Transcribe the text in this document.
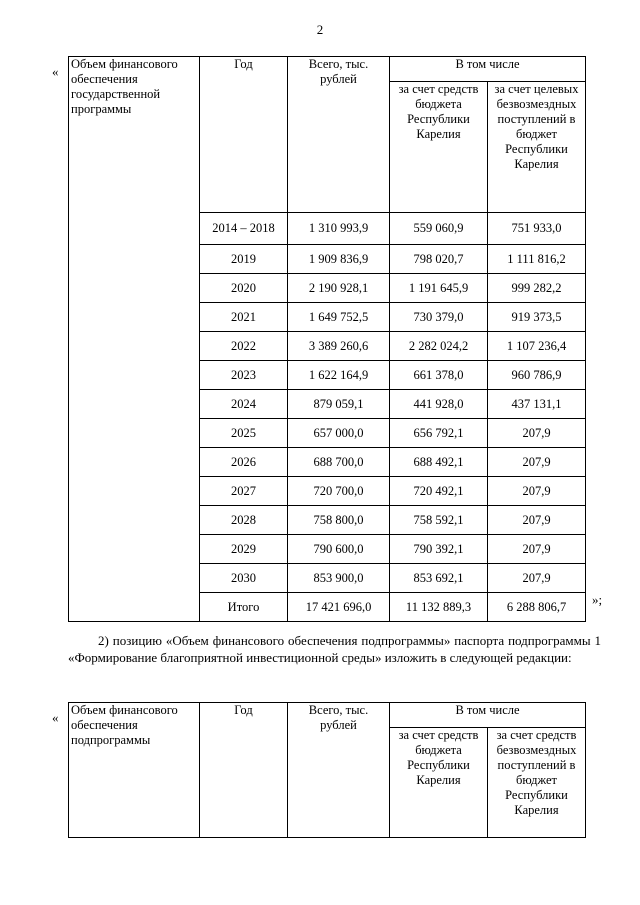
2
« Объем финансового обеспечения государственной программы	Год	Всего, тыс. рублей	В том числе	
			за счет средств бюджета Республики Карелия	за счет целевых безвозмездных поступлений в бюджет Республики Карелия
	2014 – 2018	1 310 993,9	559 060,9	751 933,0
	2019	1 909 836,9	798 020,7	1 111 816,2
	2020	2 190 928,1	1 191 645,9	999 282,2
	2021	1 649 752,5	730 379,0	919 373,5
	2022	3 389 260,6	2 282 024,2	1 107 236,4
	2023	1 622 164,9	661 378,0	960 786,9
	2024	879 059,1	441 928,0	437 131,1
	2025	657 000,0	656 792,1	207,9
	2026	688 700,0	688 492,1	207,9
	2027	720 700,0	720 492,1	207,9
	2028	758 800,0	758 592,1	207,9
	2029	790 600,0	790 392,1	207,9
	2030	853 900,0	853 692,1	207,9
	Итого	17 421 696,0	11 132 889,3	6 288 806,7 »;
2) позицию «Объем финансового обеспечения подпрограммы» паспорта подпрограммы 1 «Формирование благоприятной инвестиционной среды» изложить в следующей редакции:
« Объем финансового обеспечения подпрограммы	Год	Всего, тыс. рублей	В том числе	
			за счет средств бюджета Республики Карелия	за счет средств безвозмездных поступлений в бюджет Республики Карелия
